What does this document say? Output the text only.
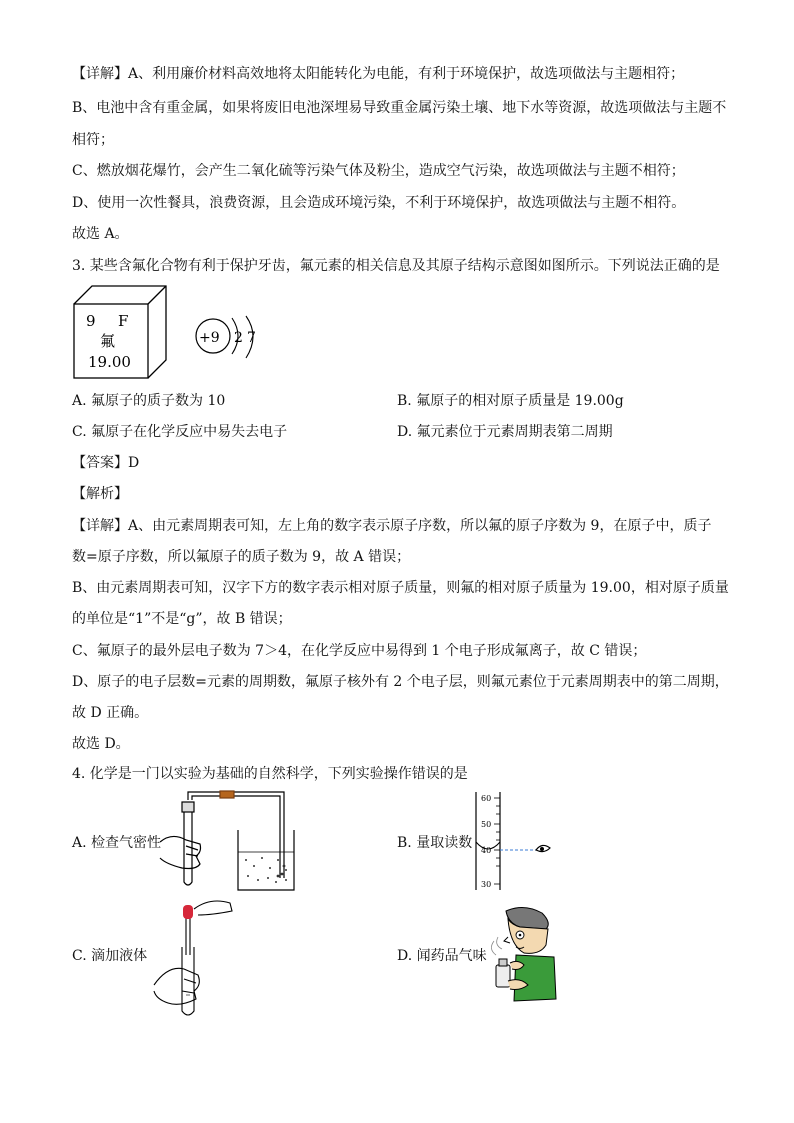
【详解】A、利用廉价材料高效地将太阳能转化为电能，有利于环境保护，故选项做法与主题相符；
B、电池中含有重金属，如果将废旧电池深埋易导致重金属污染土壤、地下水等资源，故选项做法与主题不
相符；
C、燃放烟花爆竹，会产生二氧化硫等污染气体及粉尘，造成空气污染，故选项做法与主题不相符；
D、使用一次性餐具，浪费资源，且会造成环境污染，不利于环境保护，故选项做法与主题不相符。
故选 A。
3. 某些含氟化合物有利于保护牙齿，氟元素的相关信息及其原子结构示意图如图所示。下列说法正确的是
9 F
氟
19.00
+9 2 7
A. 氟原子的质子数为 10	B. 氟原子的相对原子质量是 19.00g
C. 氟原子在化学反应中易失去电子	D. 氟元素位于元素周期表第二周期
【答案】D
【解析】
【详解】A、由元素周期表可知，左上角的数字表示原子序数，所以氟的原子序数为 9，在原子中，质子
数=原子序数，所以氟原子的质子数为 9，故 A 错误；
B、由元素周期表可知，汉字下方的数字表示相对原子质量，则氟的相对原子质量为 19.00，相对原子质量
的单位是“1”不是“g”，故 B 错误；
C、氟原子的最外层电子数为 7＞4，在化学反应中易得到 1 个电子形成氟离子，故 C 错误；
D、原子的电子层数=元素的周期数，氟原子核外有 2 个电子层，则氟元素位于元素周期表中的第二周期，
故 D 正确。
故选 D。
4. 化学是一门以实验为基础的自然科学，下列实验操作错误的是
A. 检查气密性	B. 量取读数
60
50
40
30
C. 滴加液体	D. 闻药品气味
